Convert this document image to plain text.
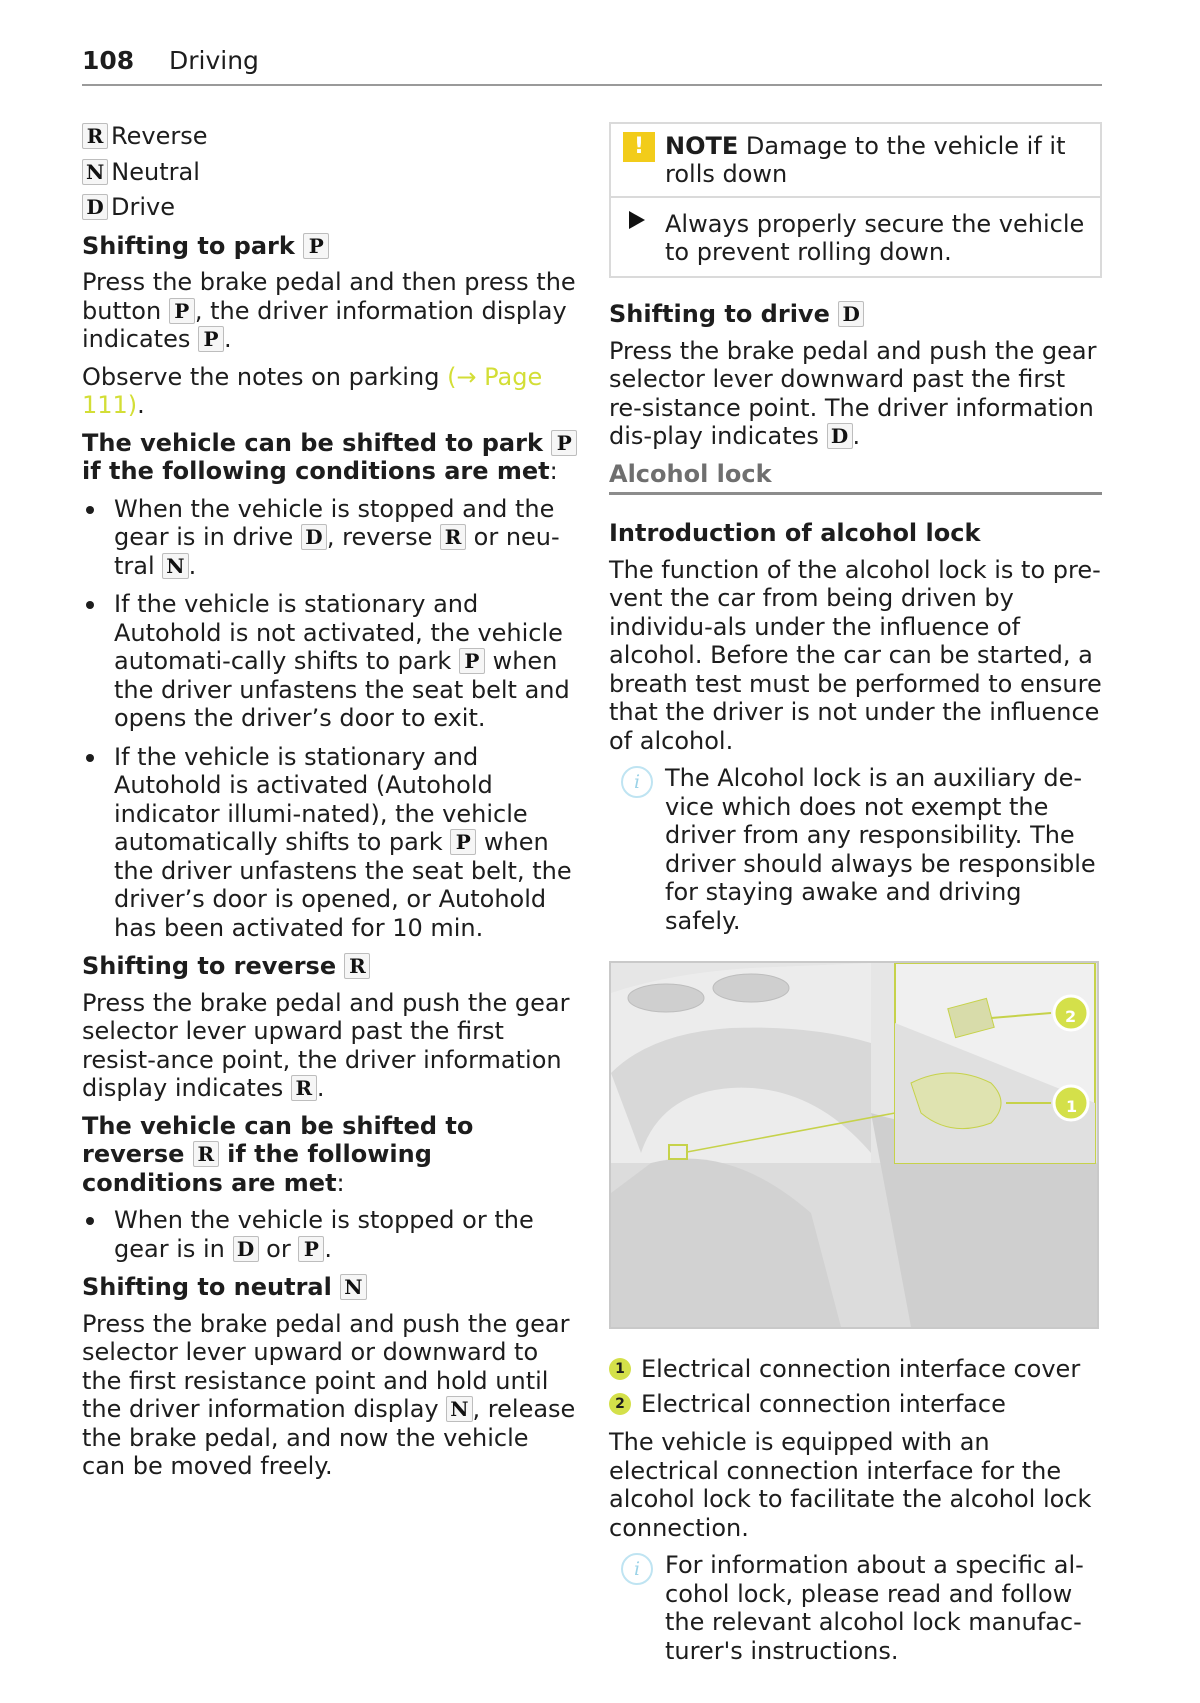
108 Driving
R Reverse
N Neutral
D Drive
Shifting to park P

Press the brake pedal and then press the button P , the driver information display indicates P .

Observe the notes on parking (→ Page 111).

The vehicle can be shifted to park P if the following conditions are met:

When the vehicle is stopped and the gear is in drive D , reverse R or neu-tral N .
If the vehicle is stationary and Autohold is not activated, the vehicle automati-cally shifts to park P when the driver unfastens the seat belt and opens the driver’s door to exit.
If the vehicle is stationary and Autohold is activated (Autohold indicator illumi-nated), the vehicle automatically shifts to park P when the driver unfastens the seat belt, the driver’s door is opened, or Autohold has been activated for 10 min.
Shifting to reverse R

Press the brake pedal and push the gear selector lever upward past the first resist-ance point, the driver information display indicates R .

The vehicle can be shifted to reverse R if the following conditions are met:

When the vehicle is stopped or the gear is in D or P .
Shifting to neutral N

Press the brake pedal and push the gear selector lever upward or downward to the first resistance point and hold until the driver information display N , release the brake pedal, and now the vehicle can be moved freely.

! NOTE Damage to the vehicle if it rolls down
Always properly secure the vehicle to prevent rolling down.
Shifting to drive D

Press the brake pedal and push the gear selector lever downward past the first re-sistance point. The driver information dis-play indicates D .

Alcohol lock
Introduction of alcohol lock

The function of the alcohol lock is to pre-vent the car from being driven by individu-als under the influence of alcohol. Before the car can be started, a breath test must be performed to ensure that the driver is not under the influence of alcohol.

i	The Alcohol lock is an auxiliary de-vice which does not exempt the driver from any responsibility. The driver should always be responsible for staying awake and driving safely.
2
1
1 Electrical connection interface cover
2 Electrical connection interface

The vehicle is equipped with an electrical connection interface for the alcohol lock to facilitate the alcohol lock connection.

i	For information about a specific al-cohol lock, please read and follow the relevant alcohol lock manufac-turer's instructions.
